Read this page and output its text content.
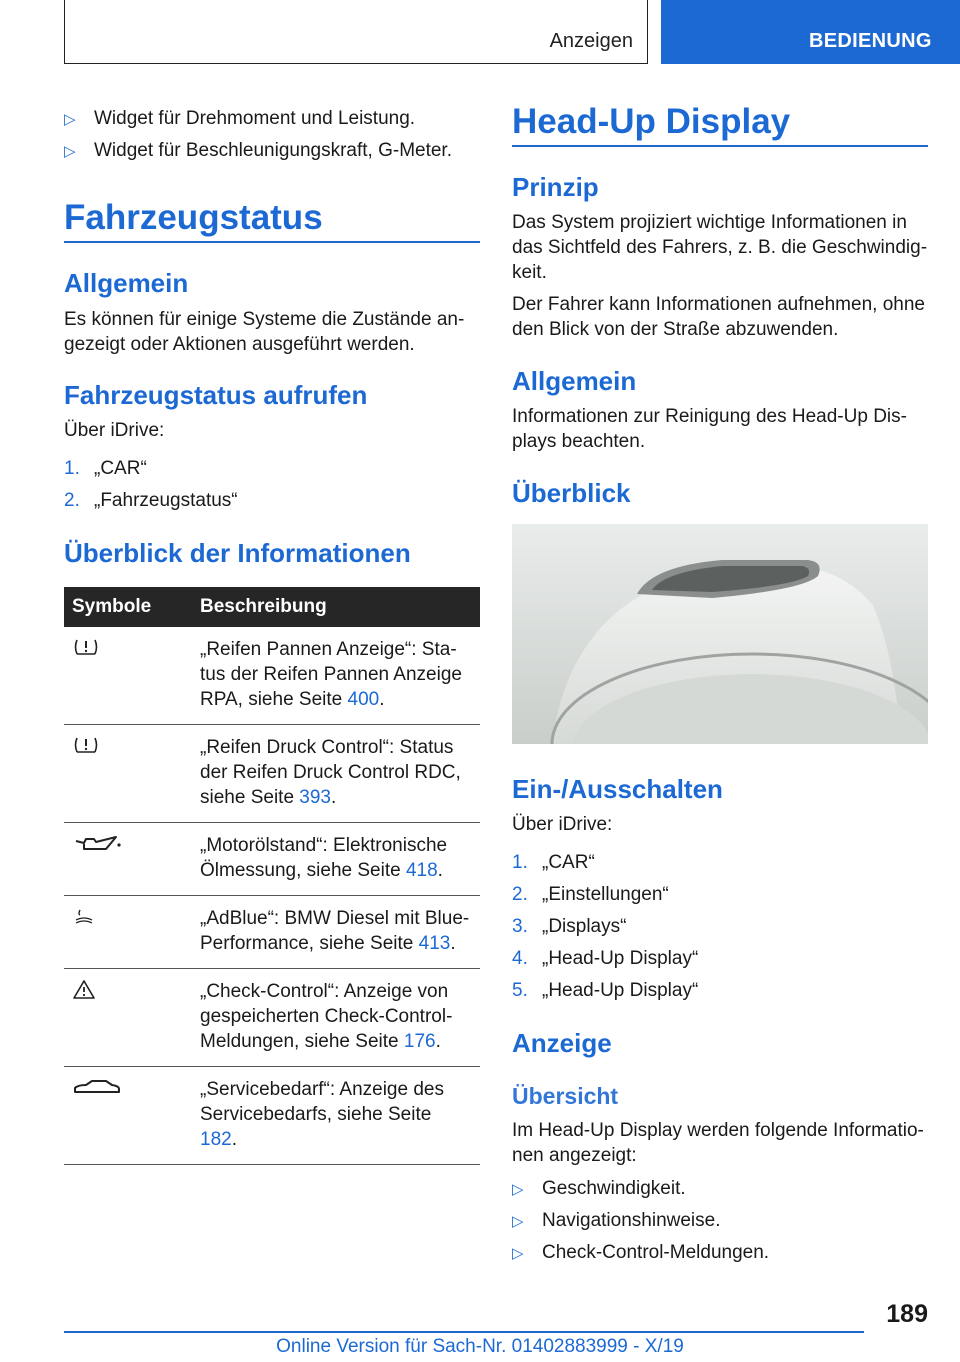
Anzeigen	BEDIENUNG
▷ Widget für Drehmoment und Leistung.
▷ Widget für Beschleunigungskraft, G-Meter.
Fahrzeugstatus
Allgemein
Es können für einige Systeme die Zustände an- gezeigt oder Aktionen ausgeführt werden.
Fahrzeugstatus aufrufen
Über iDrive:
1. „CAR“
2. „Fahrzeugstatus“
Überblick der Informationen
Symbole	Beschreibung
	„Reifen Pannen Anzeige“: Sta- tus der Reifen Pannen Anzeige RPA, siehe Seite 400.
	„Reifen Druck Control“: Status der Reifen Druck Control RDC, siehe Seite 393.
	„Motorölstand“: Elektronische Ölmessung, siehe Seite 418.
	„AdBlue“: BMW Diesel mit Blue- Performance, siehe Seite 413.
	„Check-Control“: Anzeige von gespeicherten Check-Control- Meldungen, siehe Seite 176.
	„Servicebedarf“: Anzeige des Servicebedarfs, siehe Seite 182.
Head-Up Display
Prinzip
Das System projiziert wichtige Informationen in das Sichtfeld des Fahrers, z. B. die Geschwindig- keit.
Der Fahrer kann Informationen aufnehmen, ohne den Blick von der Straße abzuwenden.
Allgemein
Informationen zur Reinigung des Head-Up Dis- plays beachten.
Überblick
Ein-/Ausschalten
Über iDrive:
1. „CAR“
2. „Einstellungen“
3. „Displays“
4. „Head-Up Display“
5. „Head-Up Display“
Anzeige
Übersicht
Im Head-Up Display werden folgende Informatio- nen angezeigt:
▷ Geschwindigkeit.
▷ Navigationshinweise.
▷ Check-Control-Meldungen.
189
Online Version für Sach-Nr. 01402883999 - X/19
